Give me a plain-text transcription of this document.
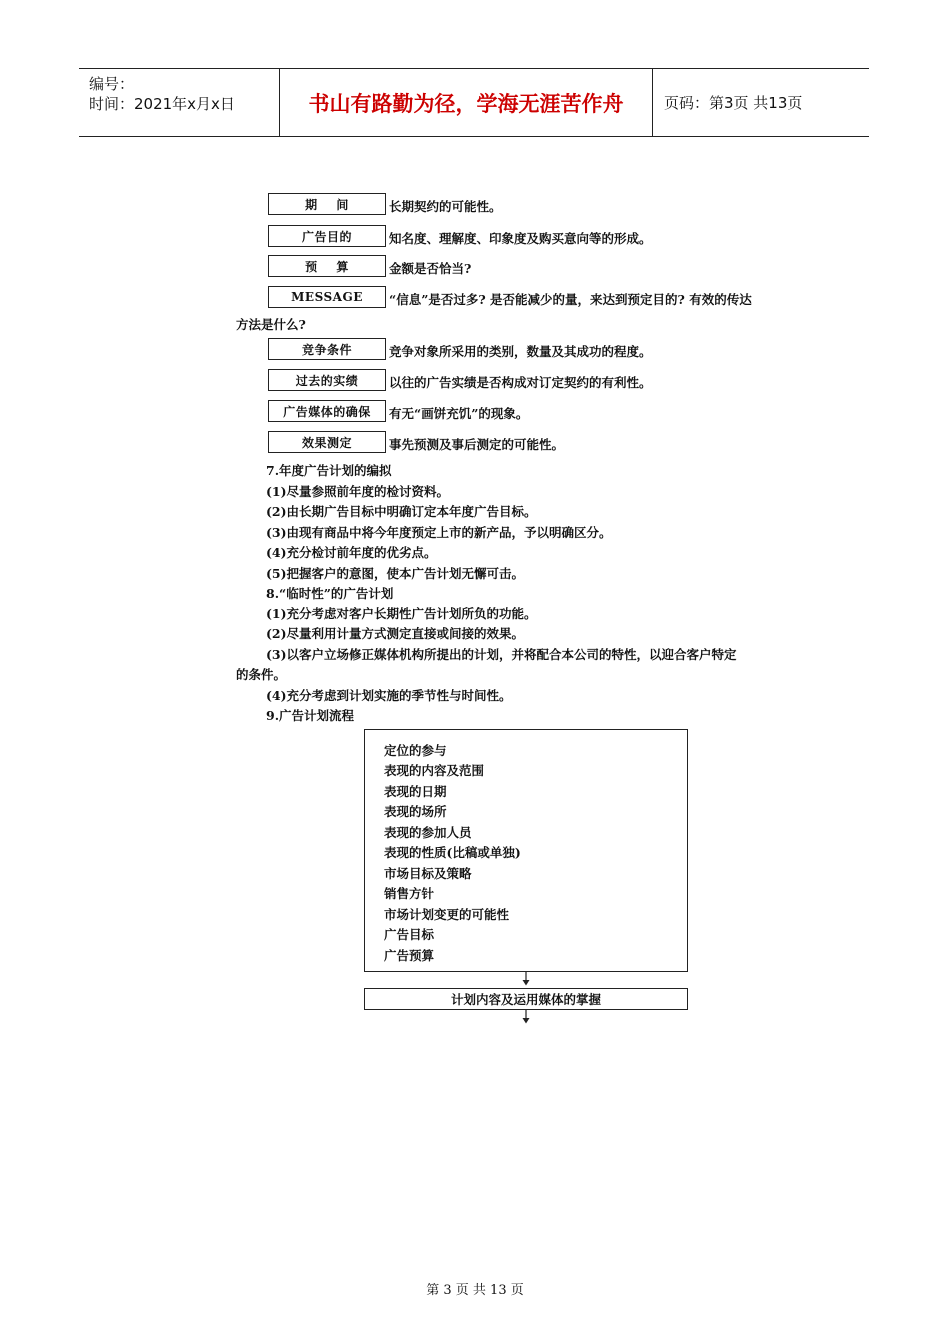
编号：
时间：2021年x月x日	书山有路勤为径，学海无涯苦作舟	页码：第3页 共13页
期    间	长期契约的可能性。
广告目的	知名度、理解度、印象度及购买意向等的形成。
预    算	金额是否恰当?
MESSAGE	“信息”是否过多? 是否能减少的量，来达到预定目的? 有效的传达
方法是什么?
竞争条件	竞争对象所采用的类别，数量及其成功的程度。
过去的实绩	以往的广告实绩是否构成对订定契约的有利性。
广告媒体的确保	有无“画饼充饥”的现象。
效果测定	事先预测及事后测定的可能性。
7.年度广告计划的编拟
(1)尽量参照前年度的检讨资料。
(2)由长期广告目标中明确订定本年度广告目标。
(3)由现有商品中将今年度预定上市的新产品，予以明确区分。
(4)充分检讨前年度的优劣点。
(5)把握客户的意图，使本广告计划无懈可击。
8.“临时性”的广告计划
(1)充分考虑对客户长期性广告计划所负的功能。
(2)尽量利用计量方式测定直接或间接的效果。
(3)以客户立场修正媒体机构所提出的计划，并将配合本公司的特性，以迎合客户特定
的条件。
(4)充分考虑到计划实施的季节性与时间性。
9.广告计划流程
定位的参与
表现的内容及范围
表现的日期
表现的场所
表现的参加人员
表现的性质(比稿或单独)
市场目标及策略
销售方针
市场计划变更的可能性
广告目标
广告预算
计划内容及运用媒体的掌握
第 3 页 共 13 页
